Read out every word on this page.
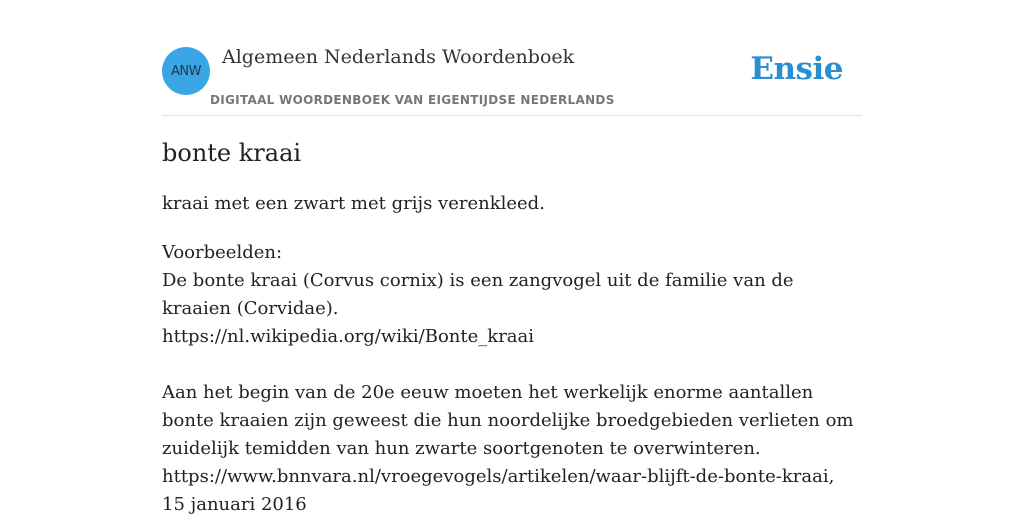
ANW
Algemeen Nederlands Woordenboek
DIGITAAL WOORDENBOEK VAN EIGENTIJDSE NEDERLANDS
Ensie
bonte kraai
kraai met een zwart met grijs verenkleed.

Voorbeelden:

De bonte kraai (Corvus cornix) is een zangvogel uit de familie van de kraaien (Corvidae).

https://nl.wikipedia.org/wiki/Bonte_kraai

Aan het begin van de 20e eeuw moeten het werkelijk enorme aantallen bonte kraaien zijn geweest die hun noordelijke broedgebieden verlieten om zuidelijk temidden van hun zwarte soortgenoten te overwinteren.

https://www.bnnvara.nl/vroegevogels/artikelen/waar-blijft-de-bonte-kraai, 15 januari 2016
